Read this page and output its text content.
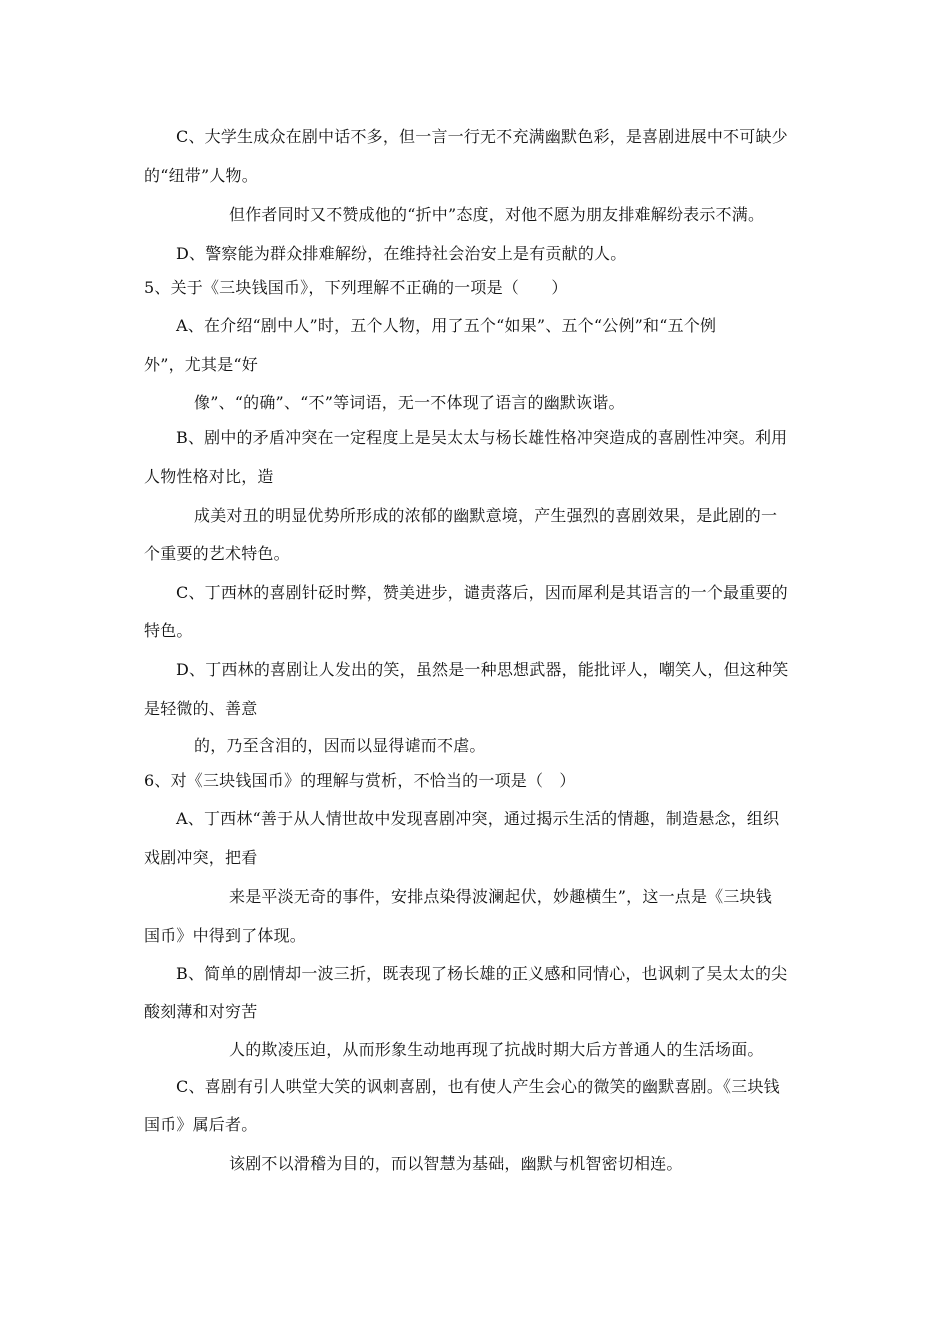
C、大学生成众在剧中话不多，但一言一行无不充满幽默色彩，是喜剧进展中不可缺少
的“纽带”人物。
但作者同时又不赞成他的“折中”态度，对他不愿为朋友排难解纷表示不满。
D、警察能为群众排难解纷，在维持社会治安上是有贡献的人。
5、关于《三块钱国币》，下列理解不正确的一项是（　　）
A、在介绍“剧中人”时，五个人物，用了五个“如果”、五个“公例”和“五个例
外”，尤其是“好
像”、“的确”、“不”等词语，无一不体现了语言的幽默诙谐。
B、剧中的矛盾冲突在一定程度上是吴太太与杨长雄性格冲突造成的喜剧性冲突。利用
人物性格对比，造
成美对丑的明显优势所形成的浓郁的幽默意境，产生强烈的喜剧效果，是此剧的一
个重要的艺术特色。
C、丁西林的喜剧针砭时弊，赞美进步，谴责落后，因而犀利是其语言的一个最重要的
特色。
D、丁西林的喜剧让人发出的笑，虽然是一种思想武器，能批评人，嘲笑人，但这种笑
是轻微的、善意
的，乃至含泪的，因而以显得谑而不虐。
6、对《三块钱国币》的理解与赏析，不恰当的一项是（　）
A、丁西林“善于从人情世故中发现喜剧冲突，通过揭示生活的情趣，制造悬念，组织
戏剧冲突，把看
来是平淡无奇的事件，安排点染得波澜起伏，妙趣横生”，这一点是《三块钱
国币》中得到了体现。
B、简单的剧情却一波三折，既表现了杨长雄的正义感和同情心，也讽刺了吴太太的尖
酸刻薄和对穷苦
人的欺凌压迫，从而形象生动地再现了抗战时期大后方普通人的生活场面。
C、喜剧有引人哄堂大笑的讽刺喜剧，也有使人产生会心的微笑的幽默喜剧。《三块钱
国币》属后者。
该剧不以滑稽为目的，而以智慧为基础，幽默与机智密切相连。
